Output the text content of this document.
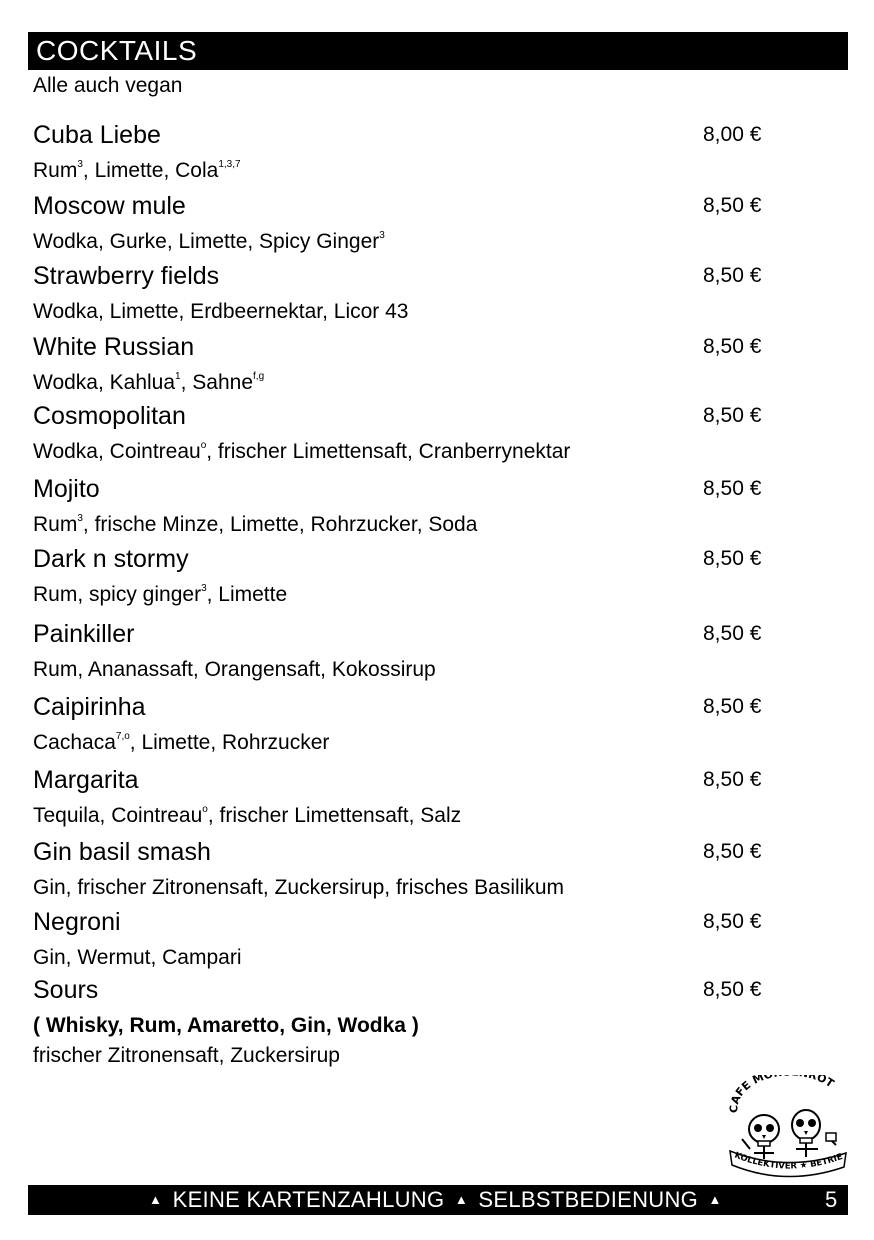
COCKTAILS
Alle auch vegan
Cuba Liebe	8,00 €
Rum$^3$, Limette, Cola$^{1,3,7}$
Moscow mule	8,50 €
Wodka, Gurke, Limette, Spicy Ginger$^3$
Strawberry fields	8,50 €
Wodka, Limette, Erdbeernektar, Licor 43
White Russian	8,50 €
Wodka, Kahlua$^1$, Sahne$^{f,g}$
Cosmopolitan	8,50 €
Wodka, Cointreau$^o$, frischer Limettensaft, Cranberrynektar
Mojito	8,50 €
Rum$^3$, frische Minze, Limette, Rohrzucker, Soda
Dark n stormy	8,50 €
Rum, spicy ginger$^3$, Limette
Painkiller	8,50 €
Rum, Ananassaft, Orangensaft, Kokossirup
Caipirinha	8,50 €
Cachaca$^{7,o}$, Limette, Rohrzucker
Margarita	8,50 €
Tequila, Cointreau$^o$, frischer Limettensaft, Salz
Gin basil smash	8,50 €
Gin, frischer Zitronensaft, Zuckersirup, frisches Basilikum
Negroni	8,50 €
Gin, Wermut, Campari
Sours	8,50 €
( Whisky, Rum, Amaretto, Gin, Wodka )
frischer Zitronensaft, Zuckersirup
CAFE M ROT
KOLLEKTIVER ★ BETRIE
▲ KEINE KARTENZAHLUNG ▲ SELBSTBEDIENUNG ▲	5
